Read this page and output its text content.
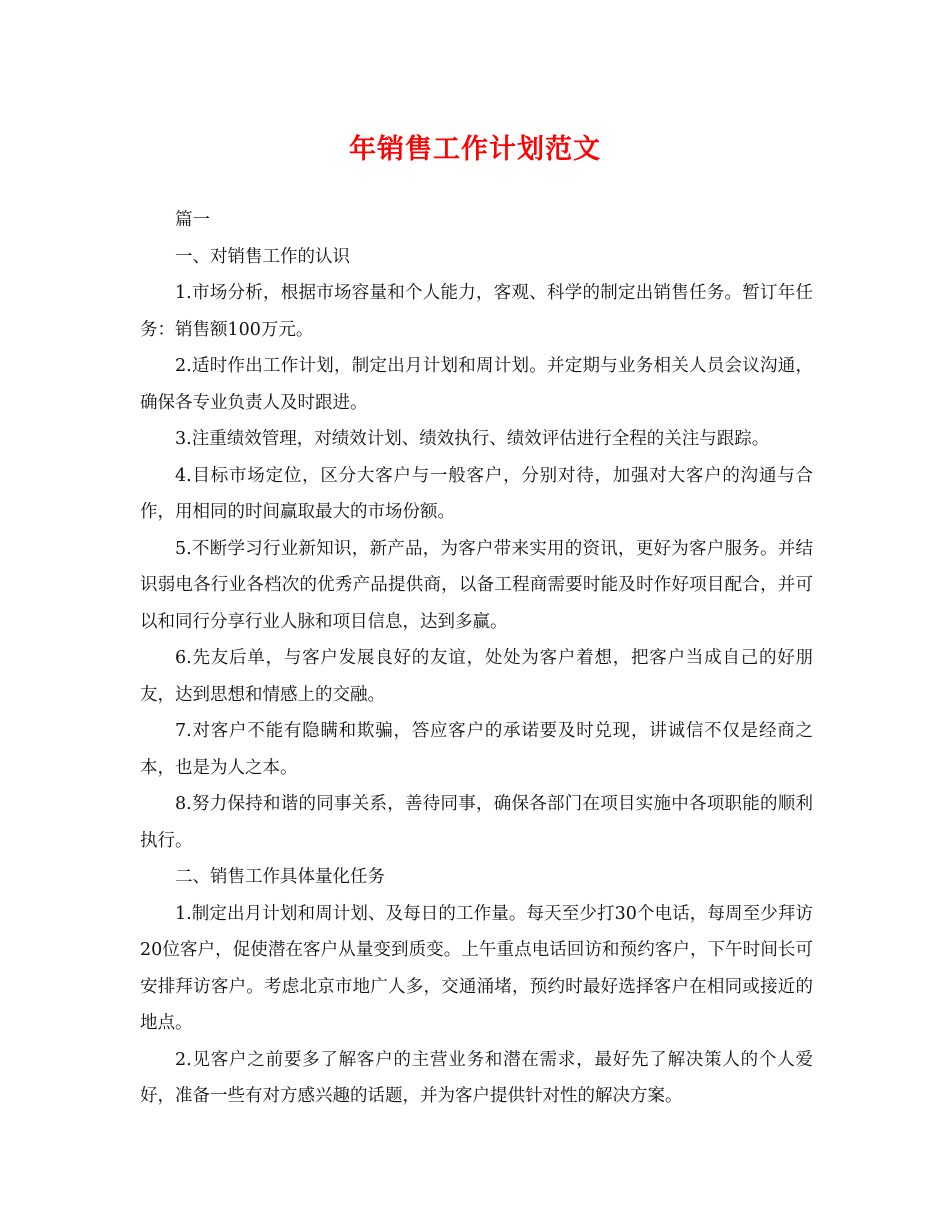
年销售工作计划范文

篇一

一、对销售工作的认识

1.市场分析，根据市场容量和个人能力，客观、科学的制定出销售任务。暂订年任务：销售额100万元。

2.适时作出工作计划，制定出月计划和周计划。并定期与业务相关人员会议沟通，确保各专业负责人及时跟进。

3.注重绩效管理，对绩效计划、绩效执行、绩效评估进行全程的关注与跟踪。

4.目标市场定位，区分大客户与一般客户，分别对待，加强对大客户的沟通与合作，用相同的时间赢取最大的市场份额。

5.不断学习行业新知识，新产品，为客户带来实用的资讯，更好为客户服务。并结识弱电各行业各档次的优秀产品提供商，以备工程商需要时能及时作好项目配合，并可以和同行分享行业人脉和项目信息，达到多赢。

6.先友后单，与客户发展良好的友谊，处处为客户着想，把客户当成自己的好朋友，达到思想和情感上的交融。

7.对客户不能有隐瞒和欺骗，答应客户的承诺要及时兑现，讲诚信不仅是经商之本，也是为人之本。

8.努力保持和谐的同事关系，善待同事，确保各部门在项目实施中各项职能的顺利执行。

二、销售工作具体量化任务

1.制定出月计划和周计划、及每日的工作量。每天至少打30个电话，每周至少拜访20位客户，促使潜在客户从量变到质变。上午重点电话回访和预约客户，下午时间长可安排拜访客户。考虑北京市地广人多，交通涌堵，预约时最好选择客户在相同或接近的地点。

2.见客户之前要多了解客户的主营业务和潜在需求，最好先了解决策人的个人爱好，准备一些有对方感兴趣的话题，并为客户提供针对性的解决方案。
